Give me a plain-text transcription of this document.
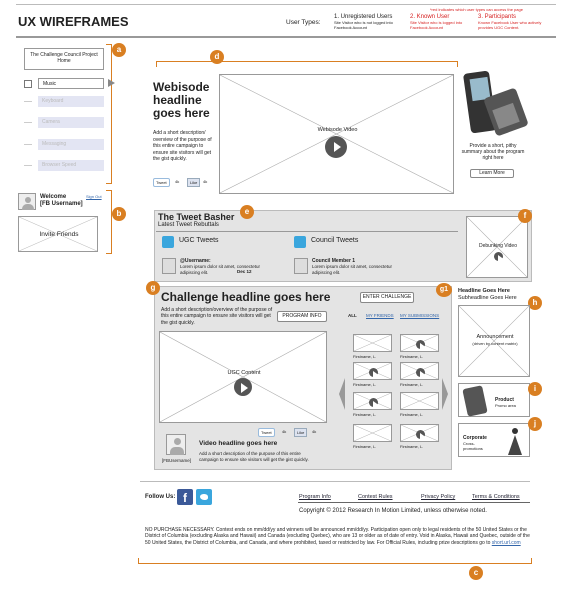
UX WIREFRAMES
*red indicates which user types can access the page
User Types:
1. Unregistered Users
Site Visitor who is not logged into Facebook Account
2. Known User
Site Visitor who is logged into Facebook Account
3. Participants
Known Facebook User who actively provides UGC Content.
The Challenge Council Project Home
a
Music
Keyboard
Camera
Messaging
Browser Speed
b
Welcome
[FB Username]
Sign Out
Invite Friends
d
Webisode headline goes here
Add a short description/ overview of the purpose of this entire campaign to ensure site visitors will get the gist quickly.
Tweet	4k	Like	4k
Webisode Video
Provide a short, pithy summary about the program right here
Learn More
The Tweet Basher
Latest Tweet Rebuttals
e
UGC Tweets	Council Tweets
@Username:
Lorem ipsum dolor sit amet, consectetur adipiscing elit.	Dec 12
Council Member 1
Lorem ipsum dolor sit amet, consectetur adipiscing elit.
Debunking Video
f
g
Challenge headline goes here	ENTER CHALLENGE
g1
Add a short description/overview of the purpose of this entire campaign to ensure site visitors will get the gist quickly.
PROGRAM INFO	ALL MY FRIENDS MY SUBMISSIONS
UGC Content
Tweet	4k	Like	4k
[FBUsername]
Video headline goes here
Add a short description of the purpose of this entire campaign to ensure site visitors will get the gist quickly.
Firstname, L.	Firstname, L.
Firstname, L.	Firstname, L.
Firstname, L.	Firstname, L.
Firstname, L.	Firstname, L.
Headline Goes Here
Subheadline Goes Here	h
Announcement
(driven by content matrix)
Product
Promo area
i
Corporate
Cross-promotions
j
Follow Us: f	Program Info	Contest Rules	Privacy Policy	Terms & Conditions
Copyright © 2012 Research In Motion Limited, unless otherwise noted.
NO PURCHASE NECESSARY. Contest ends on mm/dd/yy and winners will be announced mm/dd/yy. Participation open only to legal residents of the 50 United States or the District of Columbia (excluding Alaska and Hawaii) and Canada (excluding Quebec), who are 13 or older as of date of entry. Void in Alaska, Hawaii and Quebec, outside of the 50 United States, the District of Columbia, and Canada, and where prohibited, taxed or restricted by law. For Official Rules, including prize descriptions go to short.url.com
c
